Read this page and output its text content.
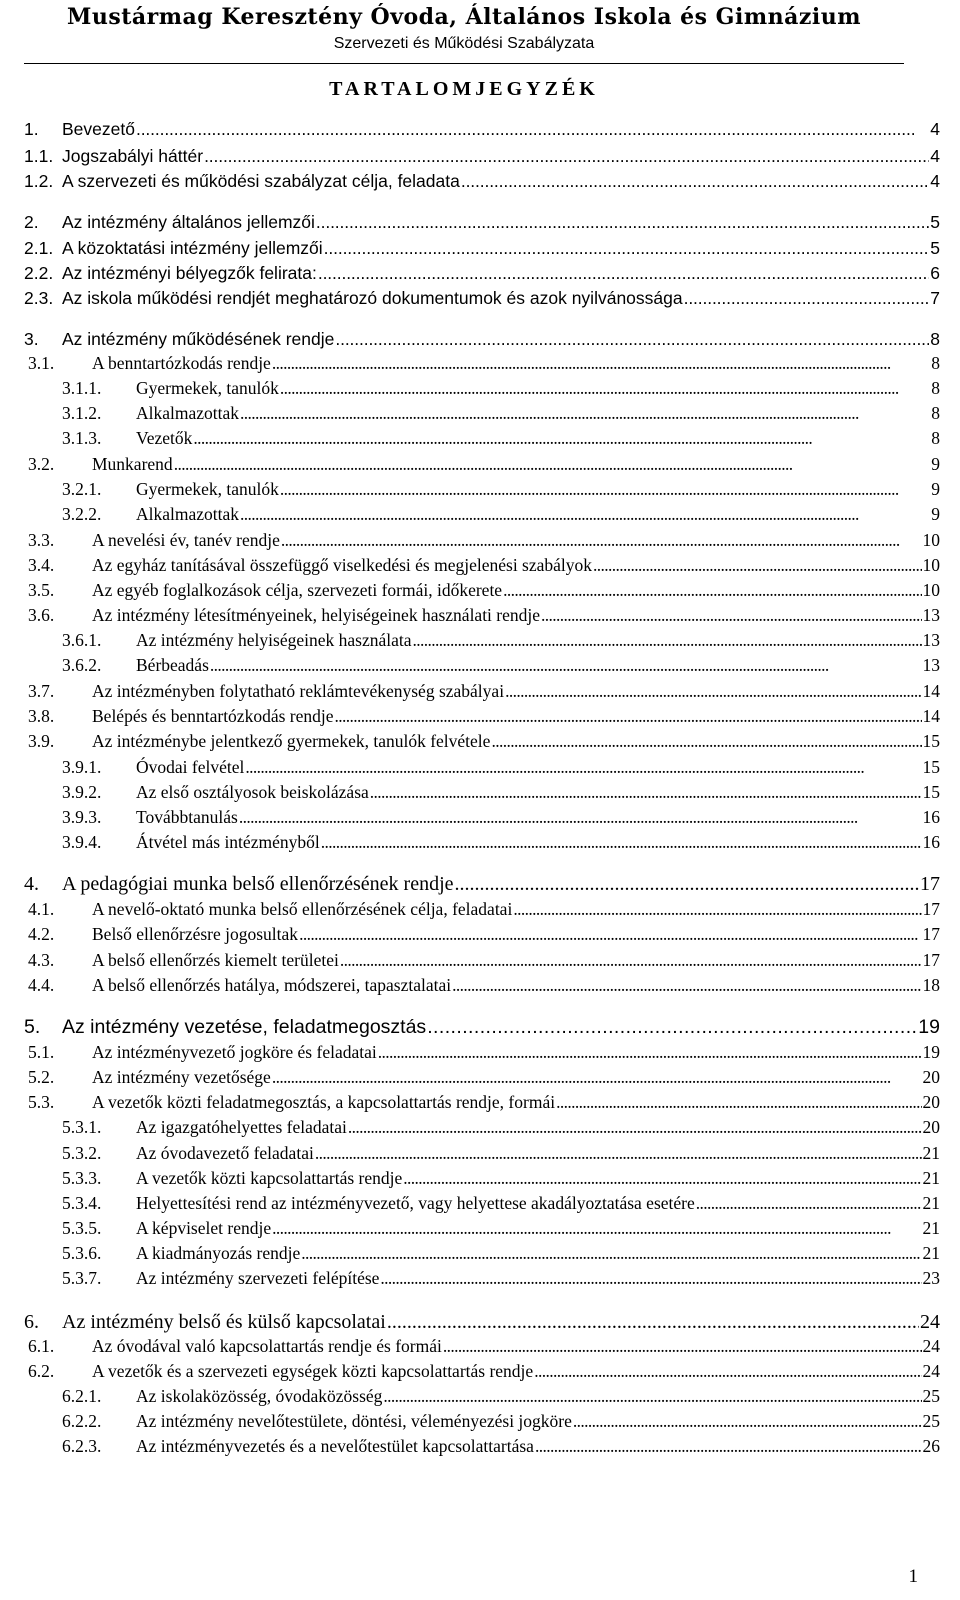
Mustármag Keresztény Óvoda, Általános Iskola és Gimnázium
Szervezeti és Működési Szabályzata
TARTALOMJEGYZÉK
1. Bevezető . . .	4
1.1. Jogszabályi háttér . . .	4
1.2. A szervezeti és működési szabályzat célja, feladata . . .	4
2. Az intézmény általános jellemzői . . .	5
2.1. A közoktatási intézmény jellemzői . . .	5
2.2. Az intézményi bélyegzők felirata: . . .	6
2.3. Az iskola működési rendjét meghatározó dokumentumok és azok nyilvánossága . . .	7
3. Az intézmény működésének rendje . . .	8
3.1. A benntartózkodás rendje . . .	8
3.1.1. Gyermekek, tanulók . . .	8
3.1.2. Alkalmazottak . . .	8
3.1.3. Vezetők . . .	8
3.2. Munkarend . . .	9
3.2.1. Gyermekek, tanulók . . .	9
3.2.2. Alkalmazottak . . .	9
3.3. A nevelési év, tanév rendje . . .	10
3.4. Az egyház tanításával összefüggő viselkedési és megjelenési szabályok . . .	10
3.5. Az egyéb foglalkozások célja, szervezeti formái, időkerete . . .	10
3.6. Az intézmény létesítményeinek, helyiségeinek használati rendje . . .	13
3.6.1. Az intézmény helyiségeinek használata . . .	13
3.6.2. Bérbeadás . . .	13
3.7. Az intézményben folytatható reklámtevékenység szabályai . . .	14
3.8. Belépés és benntartózkodás rendje . . .	14
3.9. Az intézménybe jelentkező gyermekek, tanulók felvétele . . .	15
3.9.1. Óvodai felvétel . . .	15
3.9.2. Az első osztályosok beiskolázása . . .	15
3.9.3. Továbbtanulás . . .	16
3.9.4. Átvétel más intézményből . . .	16
4. A pedagógiai munka belső ellenőrzésének rendje . . .	17
4.1. A nevelő-oktató munka belső ellenőrzésének célja, feladatai . . .	17
4.2. Belső ellenőrzésre jogosultak . . .	17
4.3. A belső ellenőrzés kiemelt területei . . .	17
4.4. A belső ellenőrzés hatálya, módszerei, tapasztalatai . . .	18
5. Az intézmény vezetése, feladatmegosztás . . .	19
5.1. Az intézményvezető jogköre és feladatai . . .	19
5.2. Az intézmény vezetősége . . .	20
5.3. A vezetők közti feladatmegosztás, a kapcsolattartás rendje, formái . . .	20
5.3.1. Az igazgatóhelyettes feladatai . . .	20
5.3.2. Az óvodavezető feladatai . . .	21
5.3.3. A vezetők közti kapcsolattartás rendje . . .	21
5.3.4. Helyettesítési rend az intézményvezető, vagy helyettese akadályoztatása esetére . . .	21
5.3.5. A képviselet rendje . . .	21
5.3.6. A kiadmányozás rendje . . .	21
5.3.7. Az intézmény szervezeti felépítése . . .	23
6. Az intézmény belső és külső kapcsolatai . . .	24
6.1. Az óvodával való kapcsolattartás rendje és formái . . .	24
6.2. A vezetők és a szervezeti egységek közti kapcsolattartás rendje . . .	24
6.2.1. Az iskolaközösség, óvodaközösség . . .	25
6.2.2. Az intézmény nevelőtestülete, döntési, véleményezési jogköre . . .	25
6.2.3. Az intézményvezetés és a nevelőtestület kapcsolattartása . . .	26
1
